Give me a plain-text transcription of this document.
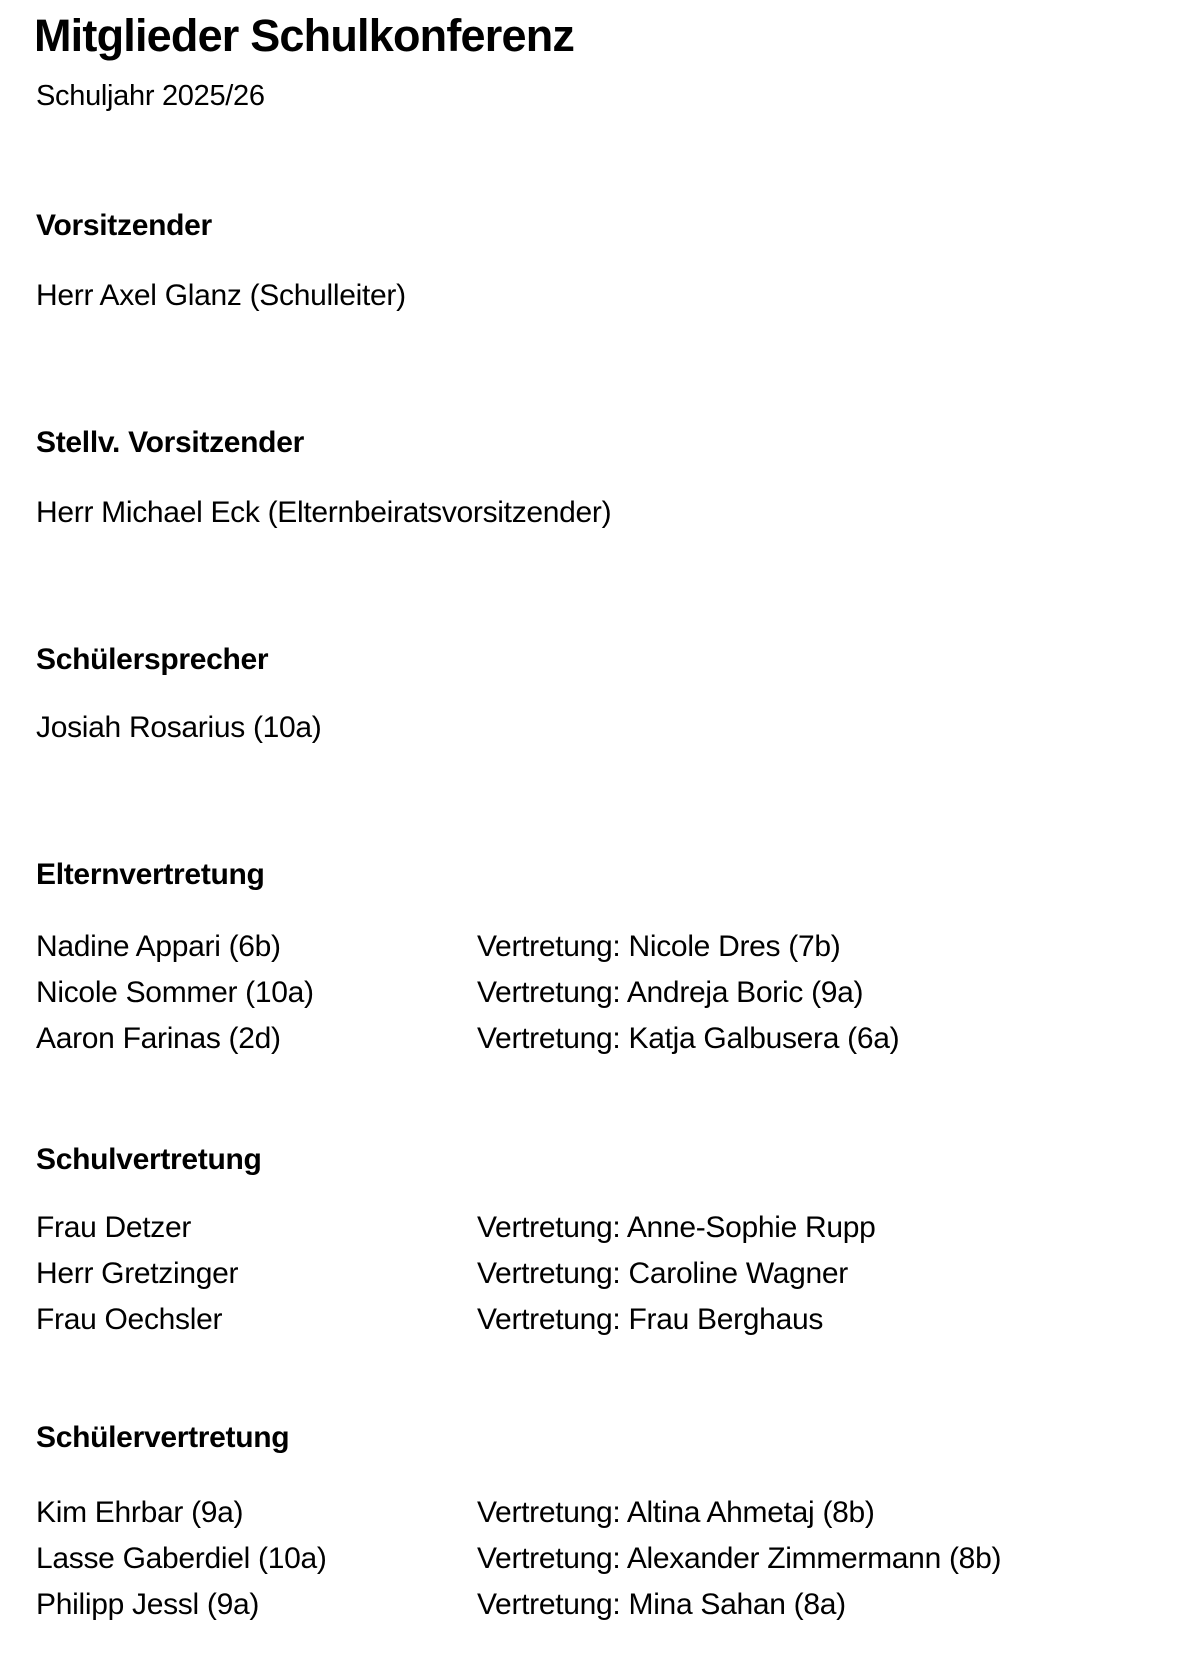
Mitglieder Schulkonferenz
Schuljahr 2025/26
Vorsitzender

Herr Axel Glanz (Schulleiter)

Stellv. Vorsitzender

Herr Michael Eck (Elternbeiratsvorsitzender)

Schülersprecher

Josiah Rosarius (10a)

Elternvertretung
Nadine Appari (6b)	Vertretung: Nicole Dres (7b)
Nicole Sommer (10a)	Vertretung: Andreja Boric (9a)
Aaron Farinas (2d)	Vertretung: Katja Galbusera (6a)
Schulvertretung
Frau Detzer	Vertretung: Anne-Sophie Rupp
Herr Gretzinger	Vertretung: Caroline Wagner
Frau Oechsler	Vertretung: Frau Berghaus
Schülervertretung
Kim Ehrbar (9a)	Vertretung: Altina Ahmetaj (8b)
Lasse Gaberdiel (10a)	Vertretung: Alexander Zimmermann (8b)
Philipp Jessl (9a)	Vertretung: Mina Sahan (8a)
